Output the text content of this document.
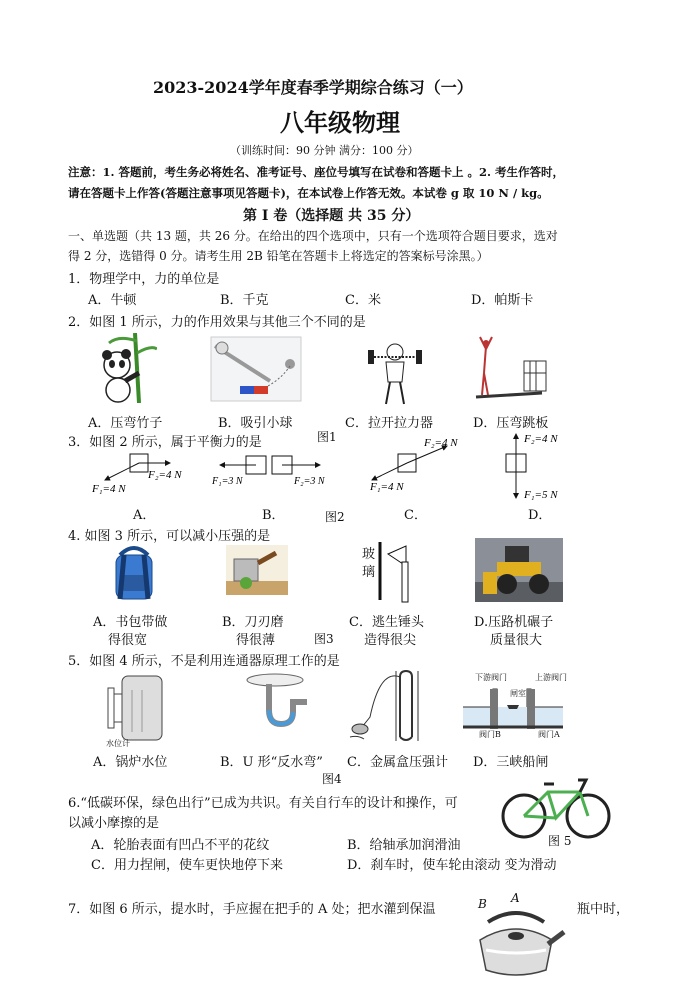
2023-2024学年度春季学期综合练习（一）
八年级物理
（训练时间：90 分钟 满分：100 分）
注意：1. 答题前，考生务必将姓名、准考证号、座位号填写在试卷和答题卡上 。2. 考生作答时，
请在答题卡上作答(答题注意事项见答题卡)，在本试卷上作答无效。本试卷 g 取 10 N / kg。
第 I 卷（选择题 共 35 分）
一、单选题（共 13 题，共 26 分。在给出的四个选项中，只有一个选项符合题目要求，选对
得 2 分，选错得 0 分。请考生用 2B 铅笔在答题卡上将选定的答案标号涂黑。）
1．物理学中，力的单位是
A．牛顿	B．千克	C．米	D．帕斯卡
2．如图 1 所示，力的作用效果与其他三个不同的是
A．压弯竹子	B．吸引小球
图1
C．拉开拉力器	D．压弯跳板
3．如图 2 所示，属于平衡力的是
F₁=4 N
F₂=4 N
F₁=3 N	F₂=3 N
F₂=4 N
F₁=4 N
F₂=4 N
F₁=5 N
A．	B．	图2	C．	D．
4. 如图 3 所示，可以减小压强的是
玻
璃
A．书包带做
得很宽
B．刀刃磨
得很薄	图3
C．逃生锤头
造得很尖
D.压路机碾子
质量很大
5．如图 4 所示，不是利用连通器原理工作的是
水位计
下游阀门	上游阀门
闸室
阀门B	阀门A
A．锅炉水位	B．U 形“反水弯” C．金属盒压强计 D．三峡船闸
图4
6.“低碳环保，绿色出行”已成为共识。有关自行车的设计和操作，可
以减小摩擦的是
图 5
A．轮胎表面有凹凸不平的花纹	B．给轴承加润滑油
C．用力捏闸，使车更快地停下来	D．刹车时，使车轮由滚动 变为滑动
7．如图 6 所示，提水时，手应握在把手的 A 处；把水灌到保温	瓶中时，
A
B
